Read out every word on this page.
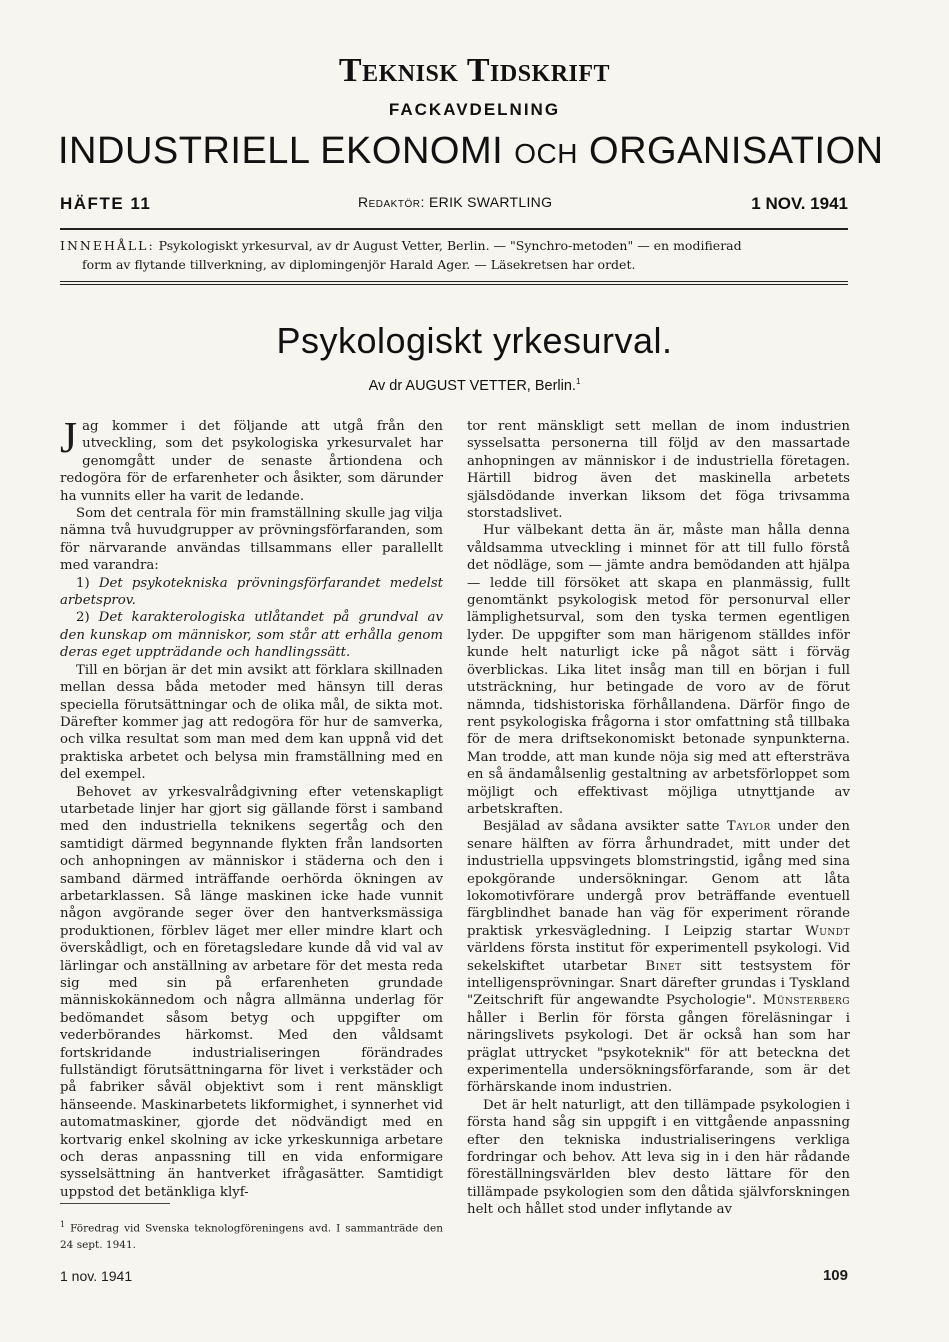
Teknisk Tidskrift
FACKAVDELNING
INDUSTRIELL EKONOMI OCH ORGANISATION
HÄFTE 11	Redaktör: ERIK SWARTLING	1 NOV. 1941
INNEHÅLL: Psykologiskt yrkesurval, av dr August Vetter, Berlin. — "Synchro-metoden" — en modifierad
form av flytande tillverkning, av diplomingenjör Harald Ager. — Läsekretsen har ordet.
Psykologiskt yrkesurval.
Av dr AUGUST VETTER, Berlin.$^1$

Jag kommer i det följande att utgå från den utveckling, som det psykologiska yrkesurvalet har genomgått under de senaste årtiondena och redogöra för de erfarenheter och åsikter, som därunder ha vunnits eller ha varit de ledande.

Som det centrala för min framställning skulle jag vilja nämna två huvudgrupper av prövningsförfaranden, som för närvarande användas tillsammans eller parallellt med varandra:

1) Det psykotekniska prövningsförfarandet medelst arbetsprov.

2) Det karakterologiska utlåtandet på grundval av den kunskap om människor, som står att erhålla genom deras eget uppträdande och handlingssätt.

Till en början är det min avsikt att förklara skillnaden mellan dessa båda metoder med hänsyn till deras speciella förutsättningar och de olika mål, de sikta mot. Därefter kommer jag att redogöra för hur de samverka, och vilka resultat som man med dem kan uppnå vid det praktiska arbetet och belysa min framställning med en del exempel.

Behovet av yrkesvalrådgivning efter vetenskapligt utarbetade linjer har gjort sig gällande först i samband med den industriella teknikens segertåg och den samtidigt därmed begynnande flykten från landsorten och anhopningen av människor i städerna och den i samband därmed inträffande oerhörda ökningen av arbetarklassen. Så länge maskinen icke hade vunnit någon avgörande seger över den hantverksmässiga produktionen, förblev läget mer eller mindre klart och överskådligt, och en företagsledare kunde då vid val av lärlingar och anställning av arbetare för det mesta reda sig med sin på erfarenheten grundade människokännedom och några allmänna underlag för bedömandet såsom betyg och uppgifter om vederbörandes härkomst. Med den våldsamt fortskridande industrialiseringen förändrades fullständigt förutsättningarna för livet i verkstäder och på fabriker såväl objektivt som i rent mänskligt hänseende. Maskinarbetets likformighet, i synnerhet vid automatmaskiner, gjorde det nödvändigt med en kortvarig enkel skolning av icke yrkeskunniga arbetare och deras anpassning till en vida enformigare sysselsättning än hantverket ifrågasätter. Samtidigt uppstod det betänkliga klyf-

tor rent mänskligt sett mellan de inom industrien sysselsatta personerna till följd av den massartade anhopningen av människor i de industriella företagen. Härtill bidrog även det maskinella arbetets själsdödande inverkan liksom det föga trivsamma storstadslivet.

Hur välbekant detta än är, måste man hålla denna våldsamma utveckling i minnet för att till fullo förstå det nödläge, som — jämte andra bemödanden att hjälpa — ledde till försöket att skapa en planmässig, fullt genomtänkt psykologisk metod för personurval eller lämplighetsurval, som den tyska termen egentligen lyder. De uppgifter som man härigenom ställdes inför kunde helt naturligt icke på något sätt i förväg överblickas. Lika litet insåg man till en början i full utsträckning, hur betingade de voro av de förut nämnda, tidshistoriska förhållandena. Därför fingo de rent psykologiska frågorna i stor omfattning stå tillbaka för de mera driftsekonomiskt betonade synpunkterna. Man trodde, att man kunde nöja sig med att eftersträva en så ändamålsenlig gestaltning av arbetsförloppet som möjligt och effektivast möjliga utnyttjande av arbetskraften.

Besjälad av sådana avsikter satte Taylor under den senare hälften av förra århundradet, mitt under det industriella uppsvingets blomstringstid, igång med sina epokgörande undersökningar. Genom att låta lokomotivförare undergå prov beträffande eventuell färgblindhet banade han väg för experiment rörande praktisk yrkesvägledning. I Leipzig startar Wundt världens första institut för experimentell psykologi. Vid sekelskiftet utarbetar Binet sitt testsystem för intelligensprövningar. Snart därefter grundas i Tyskland "Zeitschrift für angewandte Psychologie". Münsterberg håller i Berlin för första gången föreläsningar i näringslivets psykologi. Det är också han som har präglat uttrycket "psykoteknik" för att beteckna det experimentella undersökningsförfarande, som är det förhärskande inom industrien.

Det är helt naturligt, att den tillämpade psykologien i första hand såg sin uppgift i en vittgående anpassning efter den tekniska industrialiseringens verkliga fordringar och behov. Att leva sig in i den här rådande föreställningsvärlden blev desto lättare för den tillämpade psykologien som den dåtida självforskningen helt och hållet stod under inflytande av

$^1$ Föredrag vid Svenska teknologföreningens avd. I sammanträde den 24 sept. 1941.
1 nov. 1941	109
